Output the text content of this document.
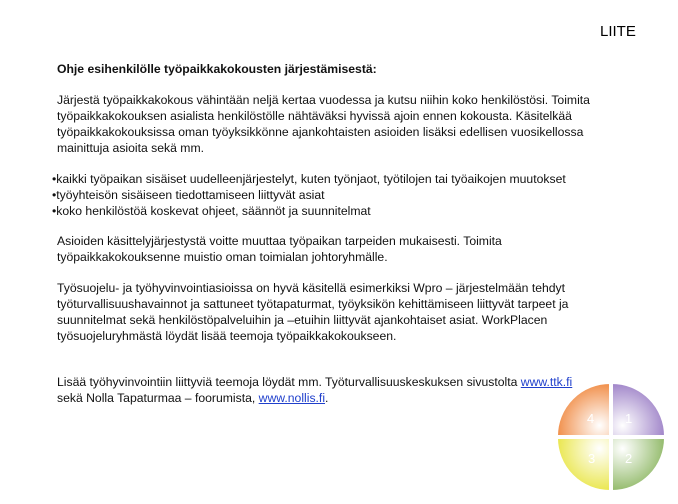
LIITE
Ohje esihenkilölle työpaikkakokousten järjestämisestä:
Järjestä työpaikkakokous vähintään neljä kertaa vuodessa ja kutsu niihin koko henkilöstösi. Toimita työpaikkakokouksen asialista henkilöstölle nähtäväksi hyvissä ajoin ennen kokousta. Käsitelkää työpaikkakokouksissa oman työyksikkönne ajankohtaisten asioiden lisäksi edellisen vuosikellossa mainittuja asioita sekä mm.
• kaikki työpaikan sisäiset uudelleenjärjestelyt, kuten työnjaot, työtilojen tai työaikojen muutokset
• työyhteisön sisäiseen tiedottamiseen liittyvät asiat
• koko henkilöstöä koskevat ohjeet, säännöt ja suunnitelmat
Asioiden käsittelyjärjestystä voitte muuttaa työpaikan tarpeiden mukaisesti. Toimita työpaikkakokouksenne muistio oman toimialan johtoryhmälle.
Työsuojelu- ja työhyvinvointiasioissa on hyvä käsitellä esimerkiksi Wpro – järjestelmään tehdyt työturvallisuushavainnot ja sattuneet työtapaturmat, työyksikön kehittämiseen liittyvät tarpeet ja suunnitelmat sekä henkilöstöpalveluihin ja –etuihin liittyvät ajankohtaiset asiat. WorkPlacen työsuojeluryhmästä löydät lisää teemoja työpaikkakokoukseen.
Lisää työhyvinvointiin liittyviä teemoja löydät mm. Työturvallisuuskeskuksen sivustolta www.ttk.fi
sekä Nolla Tapaturmaa – foorumista, www.nollis.fi.
1
2
3
4
